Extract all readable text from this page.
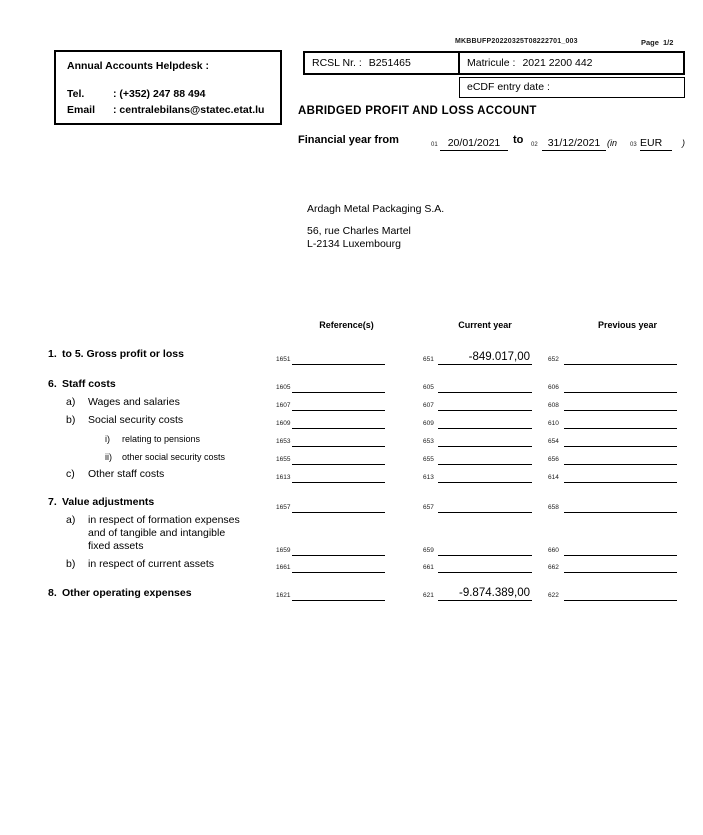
Annual Accounts Helpdesk :
Tel.	: (+352) 247 88 494
Email : centralebilans@statec.etat.lu
MKBBUFP20220325T08222701_003	Page 1/2
RCSL Nr. : B251465	Matricule : 2021 2200 442
eCDF entry date :
ABRIDGED PROFIT AND LOSS ACCOUNT
Financial year from	01 20/01/2021	to 02 31/12/2021 (in 03 EUR	)
Ardagh Metal Packaging S.A.
56, rue Charles Martel
L-2134 Luxembourg
Reference(s)	Current year	Previous year
1. to 5. Gross profit or loss	1651	651	-849.017,00	652
6. Staff costs	1605	605	606
a) Wages and salaries	1607	607	608
b) Social security costs	1609	609	610
i) relating to pensions	1653	653	654
ii) other social security costs	1655	655	656
c) Other staff costs	1613	613	614
7. Value adjustments	1657	657	658
a) in respect of formation expenses
and of tangible and intangible
fixed assets	1659	659	660
b) in respect of current assets	1661	661	662
8. Other operating expenses	1621	621	-9.874.389,00	622
